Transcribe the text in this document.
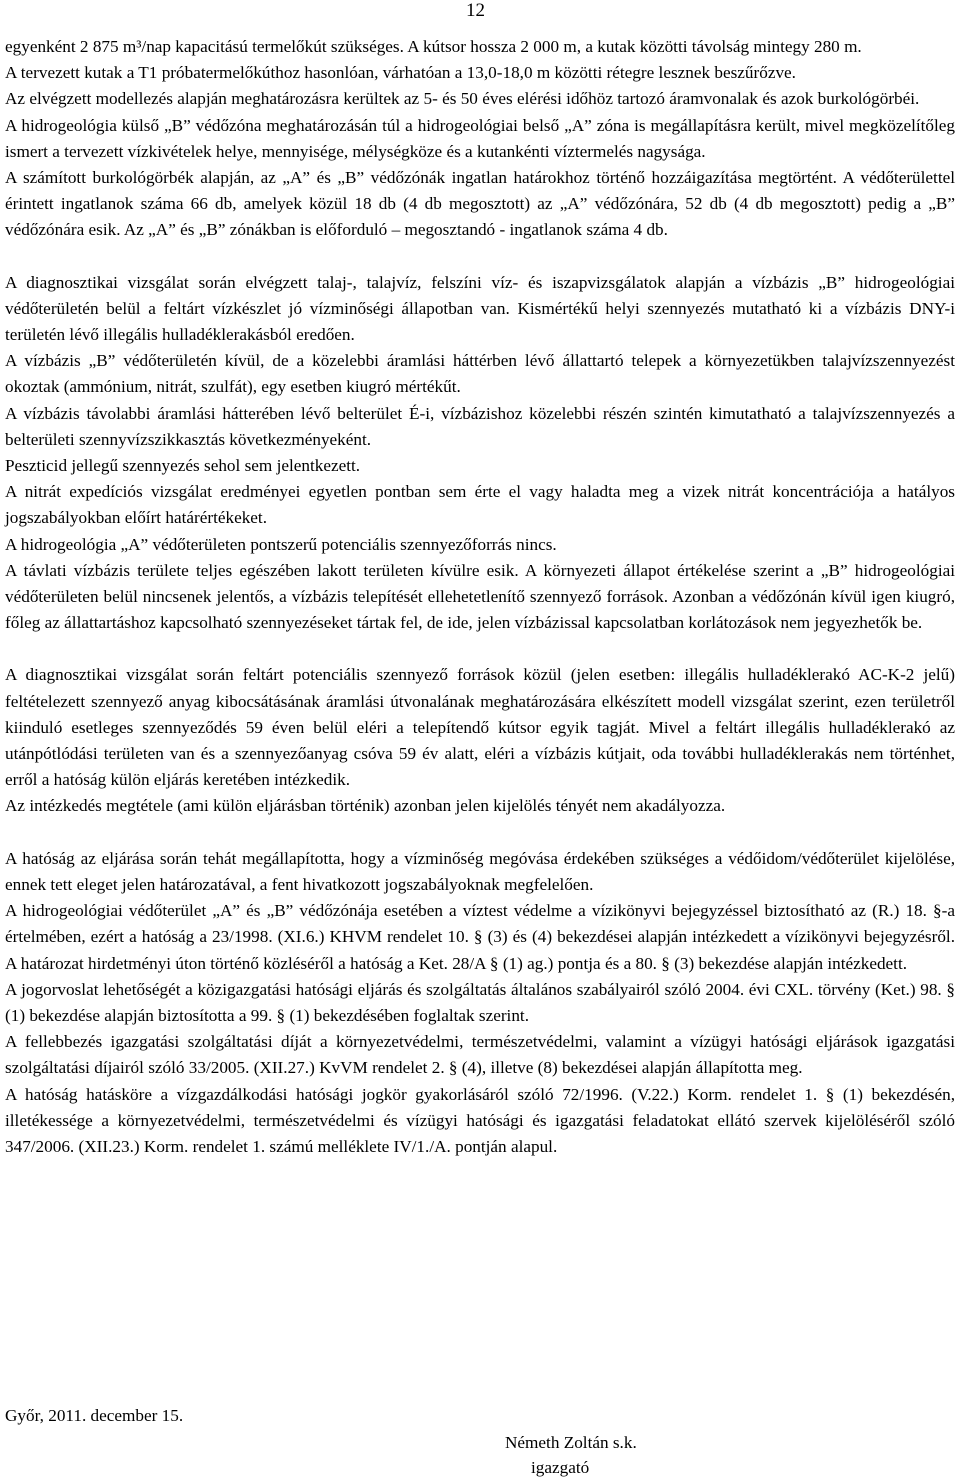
12

egyenként 2 875 m³/nap kapacitású termelőkút szükséges. A kútsor hossza 2 000 m, a kutak közötti távolság mintegy 280 m.

A tervezett kutak a T1 próbatermelőkúthoz hasonlóan, várhatóan a 13,0-18,0 m közötti rétegre lesznek beszűrőzve.

Az elvégzett modellezés alapján meghatározásra kerültek az 5- és 50 éves elérési időhöz tartozó áramvonalak és azok burkológörbéi.

A hidrogeológia külső „B” védőzóna meghatározásán túl a hidrogeológiai belső „A” zóna is megállapításra került, mivel megközelítőleg ismert a tervezett vízkivételek helye, mennyisége, mélységköze és a kutankénti víztermelés nagysága.

A számított burkológörbék alapján, az „A” és „B” védőzónák ingatlan határokhoz történő hozzáigazítása megtörtént. A védőterülettel érintett ingatlanok száma 66 db, amelyek közül 18 db (4 db megosztott) az „A” védőzónára, 52 db (4 db megosztott) pedig a „B” védőzónára esik. Az „A” és „B” zónákban is előforduló – megosztandó - ingatlanok száma 4 db.

A diagnosztikai vizsgálat során elvégzett talaj-, talajvíz, felszíni víz- és iszapvizsgálatok alapján a vízbázis „B” hidrogeológiai védőterületén belül a feltárt vízkészlet jó vízminőségi állapotban van. Kismértékű helyi szennyezés mutatható ki a vízbázis DNY-i területén lévő illegális hulladéklerakásból eredően.

A vízbázis „B” védőterületén kívül, de a közelebbi áramlási háttérben lévő állattartó telepek a környezetükben talajvízszennyezést okoztak (ammónium, nitrát, szulfát), egy esetben kiugró mértékűt.

A vízbázis távolabbi áramlási hátterében lévő belterület É-i, vízbázishoz közelebbi részén szintén kimutatható a talajvízszennyezés a belterületi szennyvízszikkasztás következményeként.

Peszticid jellegű szennyezés sehol sem jelentkezett.

A nitrát expedíciós vizsgálat eredményei egyetlen pontban sem érte el vagy haladta meg a vizek nitrát koncentrációja a hatályos jogszabályokban előírt határértékeket.

A hidrogeológia „A” védőterületen pontszerű potenciális szennyezőforrás nincs.

A távlati vízbázis területe teljes egészében lakott területen kívülre esik. A környezeti állapot értékelése szerint a „B” hidrogeológiai védőterületen belül nincsenek jelentős, a vízbázis telepítését ellehetetlenítő szennyező források. Azonban a védőzónán kívül igen kiugró, főleg az állattartáshoz kapcsolható szennyezéseket tártak fel, de ide, jelen vízbázissal kapcsolatban korlátozások nem jegyezhetők be.

A diagnosztikai vizsgálat során feltárt potenciális szennyező források közül (jelen esetben: illegális hulladéklerakó AC-K-2 jelű) feltételezett szennyező anyag kibocsátásának áramlási útvonalának meghatározására elkészített modell vizsgálat szerint, ezen területről kiinduló esetleges szennyeződés 59 éven belül eléri a telepítendő kútsor egyik tagját. Mivel a feltárt illegális hulladéklerakó az utánpótlódási területen van és a szennyezőanyag csóva 59 év alatt, eléri a vízbázis kútjait, oda további hulladéklerakás nem történhet, erről a hatóság külön eljárás keretében intézkedik.

Az intézkedés megtétele (ami külön eljárásban történik) azonban jelen kijelölés tényét nem akadályozza.

A hatóság az eljárása során tehát megállapította, hogy a vízminőség megóvása érdekében szükséges a védőidom/védőterület kijelölése, ennek tett eleget jelen határozatával, a fent hivatkozott jogszabályoknak megfelelően.

A hidrogeológiai védőterület „A” és „B” védőzónája esetében a víztest védelme a vízikönyvi bejegyzéssel biztosítható az (R.) 18. §-a értelmében, ezért a hatóság a 23/1998. (XI.6.) KHVM rendelet 10. § (3) és (4) bekezdései alapján intézkedett a vízikönyvi bejegyzésről. A határozat hirdetményi úton történő közléséről a hatóság a Ket. 28/A § (1) ag.) pontja és a 80. § (3) bekezdése alapján intézkedett.

A jogorvoslat lehetőségét a közigazgatási hatósági eljárás és szolgáltatás általános szabályairól szóló 2004. évi CXL. törvény (Ket.) 98. § (1) bekezdése alapján biztosította a 99. § (1) bekezdésében foglaltak szerint.

A fellebbezés igazgatási szolgáltatási díját a környezetvédelmi, természetvédelmi, valamint a vízügyi hatósági eljárások igazgatási szolgáltatási díjairól szóló 33/2005. (XII.27.) KvVM rendelet 2. § (4), illetve (8) bekezdései alapján állapította meg.

A hatóság hatásköre a vízgazdálkodási hatósági jogkör gyakorlásáról szóló 72/1996. (V.22.) Korm. rendelet 1. § (1) bekezdésén, illetékessége a környezetvédelmi, természetvédelmi és vízügyi hatósági és igazgatási feladatokat ellátó szervek kijelöléséről szóló 347/2006. (XII.23.) Korm. rendelet 1. számú melléklete IV/1./A. pontján alapul.

Győr, 2011. december 15.
Németh Zoltán s.k.
igazgató
